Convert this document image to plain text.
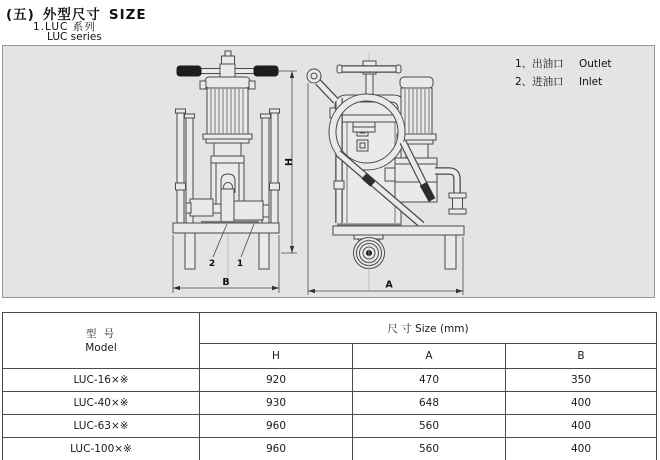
(五) 外型尺寸 SIZE
1.LUC 系列
LUC series
1、出油口 Outlet
2、进油口 Inlet
2 1
B
H
A
型 号
Model	尺 寸 Size (mm)		
	H	A	B
LUC-16×※	920	470	350
LUC-40×※	930	648	400
LUC-63×※	960	560	400
LUC-100×※	960	560	400
